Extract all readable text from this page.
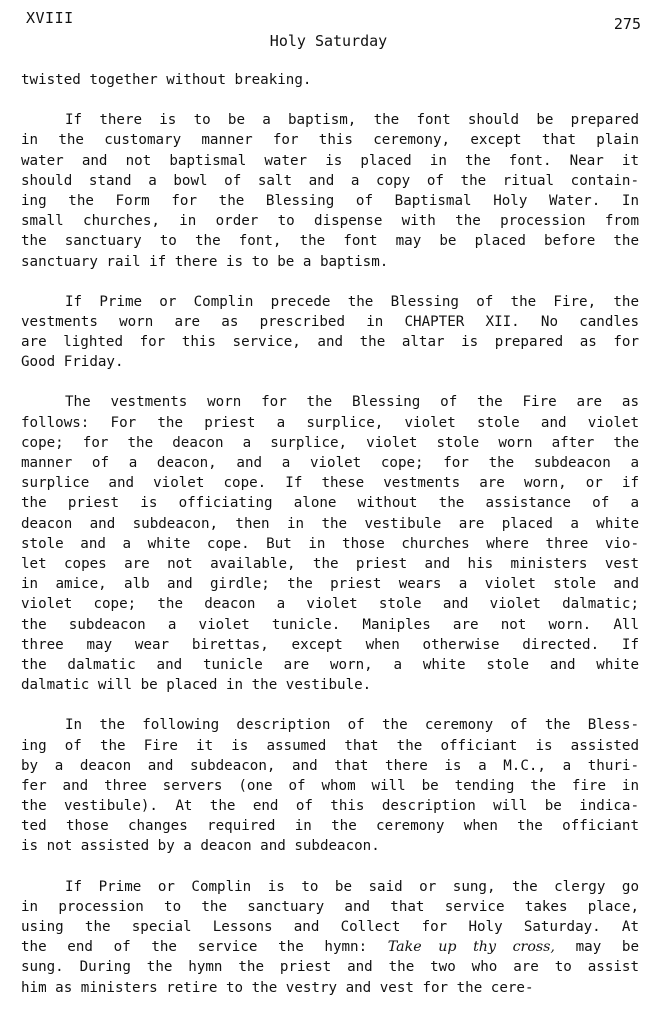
XVIII	275
Holy Saturday
twisted together without breaking.
If there is to be a baptism, the font should be prepared
in the customary manner for this ceremony, except that plain
water and not baptismal water is placed in the font. Near it
should stand a bowl of salt and a copy of the ritual contain-
ing the Form for the Blessing of Baptismal Holy Water. In
small churches, in order to dispense with the procession from
the sanctuary to the font, the font may be placed before the
sanctuary rail if there is to be a baptism.
If Prime or Complin precede the Blessing of the Fire, the
vestments worn are as prescribed in CHAPTER XII. No candles
are lighted for this service, and the altar is prepared as for
Good Friday.
The vestments worn for the Blessing of the Fire are as
follows: For the priest a surplice, violet stole and violet
cope; for the deacon a surplice, violet stole worn after the
manner of a deacon, and a violet cope; for the subdeacon a
surplice and violet cope. If these vestments are worn, or if
the priest is officiating alone without the assistance of a
deacon and subdeacon, then in the vestibule are placed a white
stole and a white cope. But in those churches where three vio-
let copes are not available, the priest and his ministers vest
in amice, alb and girdle; the priest wears a violet stole and
violet cope; the deacon a violet stole and violet dalmatic;
the subdeacon a violet tunicle. Maniples are not worn. All
three may wear birettas, except when otherwise directed. If
the dalmatic and tunicle are worn, a white stole and white
dalmatic will be placed in the vestibule.
In the following description of the ceremony of the Bless-
ing of the Fire it is assumed that the officiant is assisted
by a deacon and subdeacon, and that there is a M.C., a thuri-
fer and three servers (one of whom will be tending the fire in
the vestibule). At the end of this description will be indica-
ted those changes required in the ceremony when the officiant
is not assisted by a deacon and subdeacon.
If Prime or Complin is to be said or sung, the clergy go
in procession to the sanctuary and that service takes place,
using the special Lessons and Collect for Holy Saturday. At
the end of the service the hymn: Take up thy cross, may be
sung. During the hymn the priest and the two who are to assist
him as ministers retire to the vestry and vest for the cere-
